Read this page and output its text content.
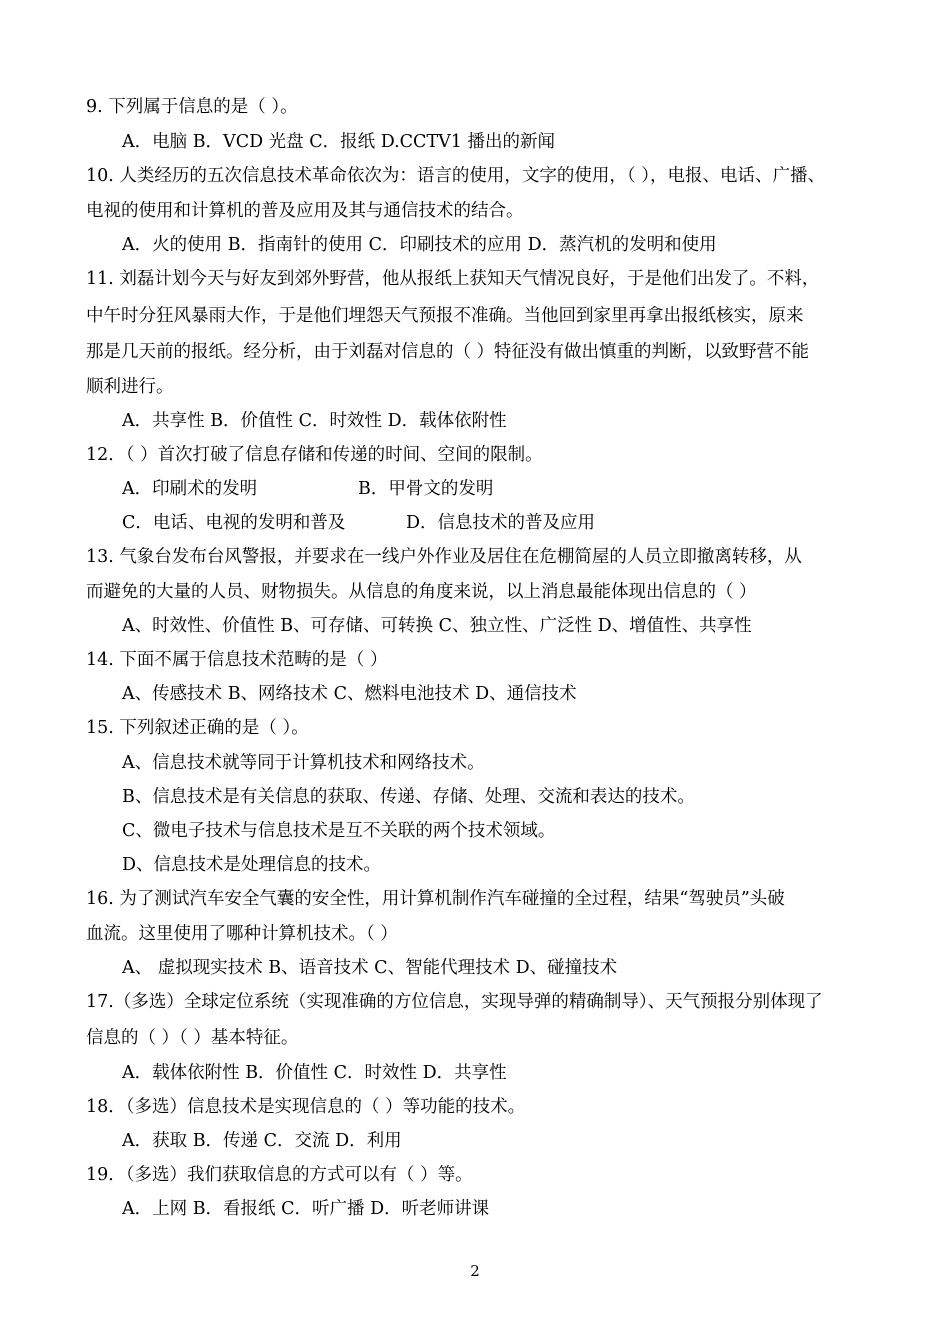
9. 下列属于信息的是（ ）。
A．电脑 B．VCD 光盘 C．报纸 D.CCTV1 播出的新闻
10. 人类经历的五次信息技术革命依次为：语言的使用，文字的使用，（ ），电报、电话、广播、
电视的使用和计算机的普及应用及其与通信技术的结合。
A．火的使用 B．指南针的使用 C．印刷技术的应用 D．蒸汽机的发明和使用
11. 刘磊计划今天与好友到郊外野营，他从报纸上获知天气情况良好，于是他们出发了。不料，
中午时分狂风暴雨大作，于是他们埋怨天气预报不准确。当他回到家里再拿出报纸核实，原来
那是几天前的报纸。经分析，由于刘磊对信息的（ ）特征没有做出慎重的判断，以致野营不能
顺利进行。
A．共享性 B．价值性 C．时效性 D．载体依附性
12．（ ）首次打破了信息存储和传递的时间、空间的限制。
A．印刷术的发明	B．甲骨文的发明
C．电话、电视的发明和普及	D．信息技术的普及应用
13. 气象台发布台风警报，并要求在一线户外作业及居住在危棚简屋的人员立即撤离转移，从
而避免的大量的人员、财物损失。从信息的角度来说，以上消息最能体现出信息的（ ）
A、时效性、价值性 B、可存储、可转换 C、独立性、广泛性 D、增值性、共享性
14. 下面不属于信息技术范畴的是（ ）
A、传感技术 B、网络技术 C、燃料电池技术 D、通信技术
15. 下列叙述正确的是（ ）。
A、信息技术就等同于计算机技术和网络技术。
B、信息技术是有关信息的获取、传递、存储、处理、交流和表达的技术。
C、微电子技术与信息技术是互不关联的两个技术领域。
D、信息技术是处理信息的技术。
16. 为了测试汽车安全气囊的安全性，用计算机制作汽车碰撞的全过程，结果“驾驶员”头破
血流。这里使用了哪种计算机技术。（ ）
A、 虚拟现实技术 B、语音技术 C、智能代理技术 D、碰撞技术
17.（多选）全球定位系统（实现准确的方位信息，实现导弹的精确制导）、天气预报分别体现了
信息的（ ）（ ）基本特征。
A．载体依附性 B．价值性 C．时效性 D．共享性
18．（多选）信息技术是实现信息的（ ）等功能的技术。
A．获取 B．传递 C．交流 D．利用
19．（多选）我们获取信息的方式可以有（ ）等。
A．上网 B．看报纸 C．听广播 D．听老师讲课
2
